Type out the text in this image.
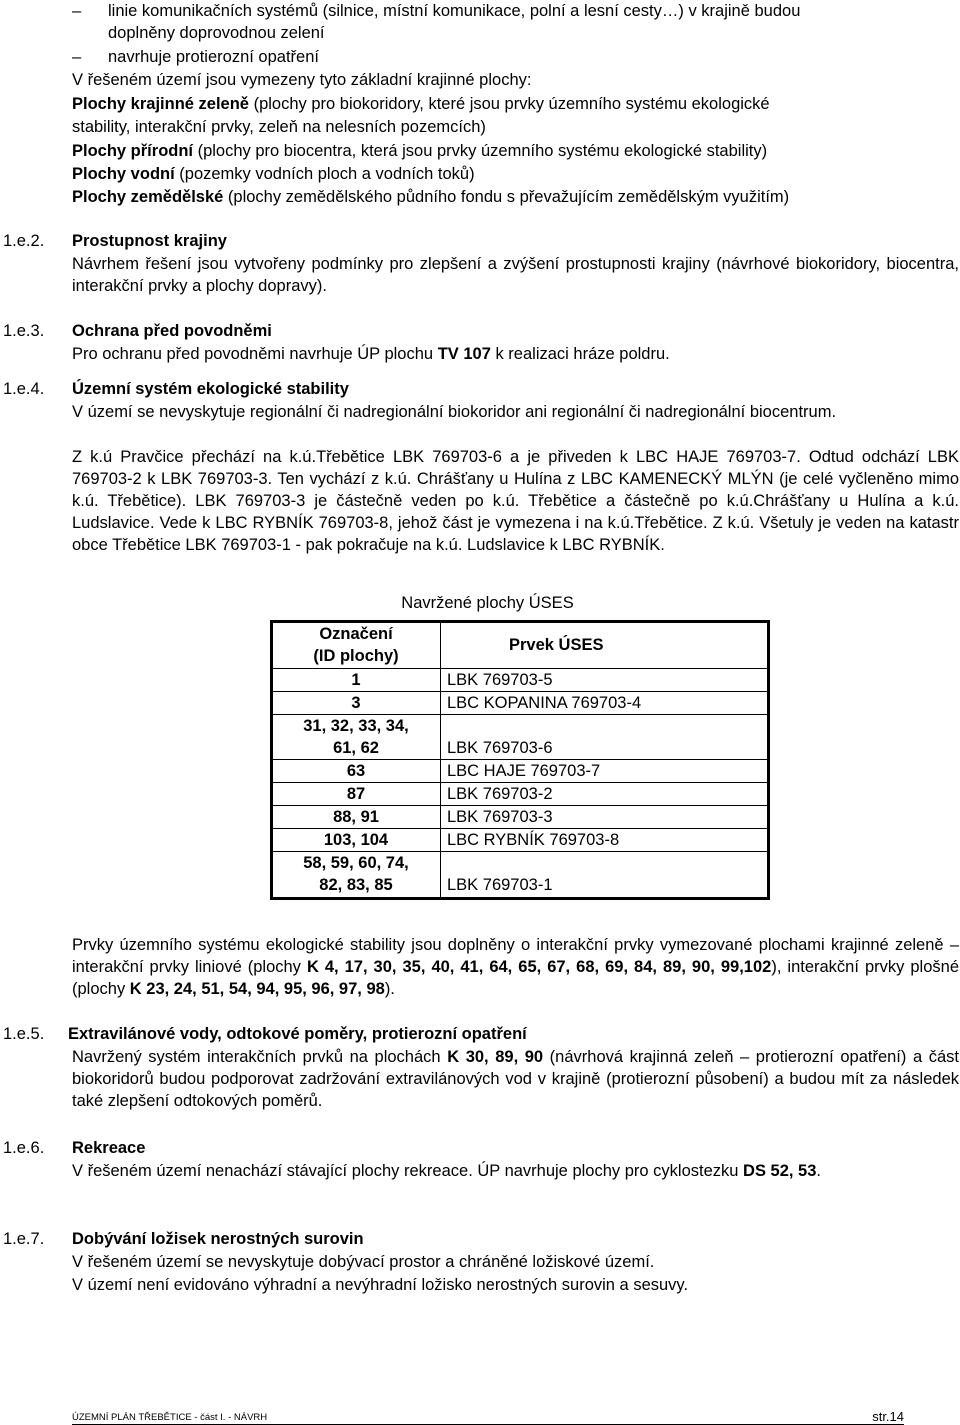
– linie komunikačních systémů (silnice, místní komunikace, polní a lesní cesty…) v krajině budou
doplněny doprovodnou zelení
– navrhuje protierozní opatření
V řešeném území jsou vymezeny tyto základní krajinné plochy:
Plochy krajinné zeleně (plochy pro biokoridory, které jsou prvky územního systému ekologické
stability, interakční prvky, zeleň na nelesních pozemcích)
Plochy přírodní (plochy pro biocentra, která jsou prvky územního systému ekologické stability)
Plochy vodní (pozemky vodních ploch a vodních toků)
Plochy zemědělské (plochy zemědělského půdního fondu s převažujícím zemědělským využitím)
1.e.2. Prostupnost krajiny
Návrhem řešení jsou vytvořeny podmínky pro zlepšení a zvýšení prostupnosti krajiny (návrhové biokoridory, biocentra, interakční prvky a plochy dopravy).
1.e.3. Ochrana před povodněmi
Pro ochranu před povodněmi navrhuje ÚP plochu TV 107 k realizaci hráze poldru.
1.e.4. Územní systém ekologické stability
V území se nevyskytuje regionální či nadregionální biokoridor ani regionální či nadregionální biocentrum.
Z k.ú Pravčice přechází na k.ú.Třebětice LBK 769703-6 a je přiveden k LBC HAJE 769703-7. Odtud odchází LBK 769703-2 k LBK 769703-3. Ten vychází z k.ú. Chrášťany u Hulína z LBC KAMENECKÝ MLÝN (je celé vyčleněno mimo k.ú. Třebětice). LBK 769703-3 je částečně veden po k.ú. Třebětice a částečně po k.ú.Chrášťany u Hulína a k.ú. Ludslavice. Vede k LBC RYBNÍK 769703-8, jehož část je vymezena i na k.ú.Třebětice. Z k.ú. Všetuly je veden na katastr obce Třebětice LBK 769703-1 - pak pokračuje na k.ú. Ludslavice k LBC RYBNÍK.
Navržené plochy ÚSES
Označení
(ID plochy)	Prvek ÚSES
1	LBK 769703-5
3	LBC KOPANINA 769703-4

31, 32, 33, 34,
61, 62	LBK 769703-6
63	LBC HAJE 769703-7
87	LBK 769703-2
88, 91	LBK 769703-3
103, 104	LBC RYBNÍK 769703-8

58, 59, 60, 74,
82, 83, 85	LBK 769703-1
Prvky územního systému ekologické stability jsou doplněny o interakční prvky vymezované plochami krajinné zeleně – interakční prvky liniové (plochy K 4, 17, 30, 35, 40, 41, 64, 65, 67, 68, 69, 84, 89, 90, 99,102), interakční prvky plošné (plochy K 23, 24, 51, 54, 94, 95, 96, 97, 98).
1.e.5. Extravilánové vody, odtokové poměry, protierozní opatření
Navržený systém interakčních prvků na plochách K 30, 89, 90 (návrhová krajinná zeleň – protierozní opatření) a část biokoridorů budou podporovat zadržování extravilánových vod v krajině (protierozní působení) a budou mít za následek také zlepšení odtokových poměrů.
1.e.6. Rekreace
V řešeném území nenachází stávající plochy rekreace. ÚP navrhuje plochy pro cyklostezku DS 52, 53.
1.e.7. Dobývání ložisek nerostných surovin
V řešeném území se nevyskytuje dobývací prostor a chráněné ložiskové území.
V území není evidováno výhradní a nevýhradní ložisko nerostných surovin a sesuvy.
ÚZEMNÍ PLÁN TŘEBĚTICE - část I. - NÁVRH	str.14
